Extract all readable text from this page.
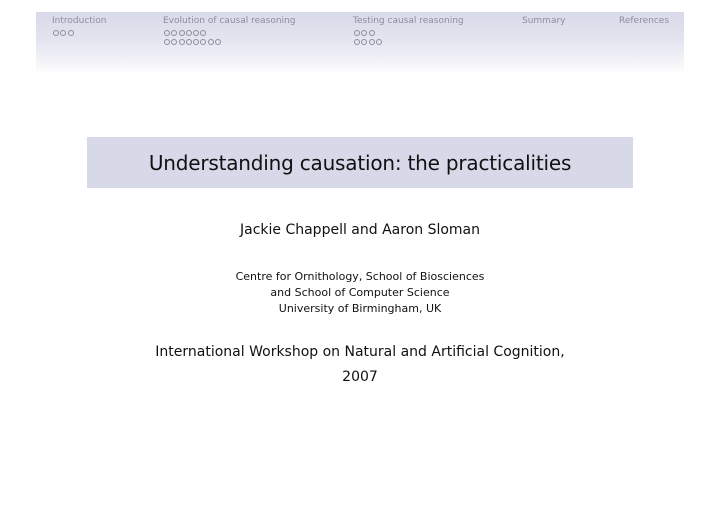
Introduction	Evolution of causal reasoning	Testing causal reasoning	Summary	References
Understanding causation: the practicalities
Jackie Chappell and Aaron Sloman
Centre for Ornithology, School of Biosciences
and School of Computer Science
University of Birmingham, UK
International Workshop on Natural and Artificial Cognition,
2007
